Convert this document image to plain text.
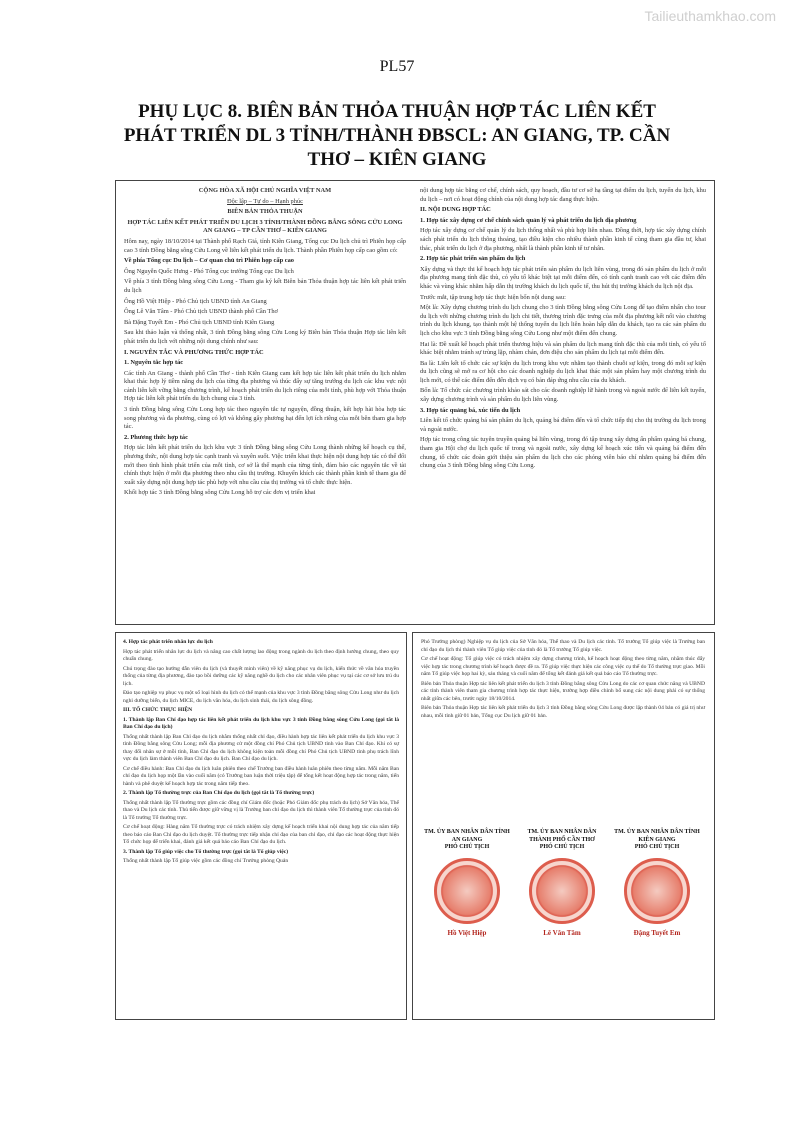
Tailieuthamkhao.com
PL57
PHỤ LỤC 8. BIÊN BẢN THỎA THUẬN HỢP TÁC LIÊN KẾT PHÁT TRIỂN DL 3 TỈNH/THÀNH ĐBSCL: AN GIANG, TP. CẦN THƠ – KIÊN GIANG

CỘNG HÒA XÃ HỘI CHỦ NGHĨA VIỆT NAM

Độc lập – Tự do – Hạnh phúc

BIÊN BẢN THỎA THUẬN

HỢP TÁC LIÊN KẾT PHÁT TRIỂN DU LỊCH 3 TỈNH/THÀNH ĐỒNG BẰNG SÔNG CỬU LONG AN GIANG – TP CẦN THƠ – KIÊN GIANG

Hôm nay, ngày 18/10/2014 tại Thành phố Rạch Giá, tỉnh Kiên Giang, Tổng cục Du lịch chủ trì Phiên họp cấp cao 3 tỉnh Đồng bằng sông Cửu Long về liên kết phát triển du lịch. Thành phần Phiên họp cấp cao gồm có:

Về phía Tổng cục Du lịch – Cơ quan chủ trì Phiên họp cấp cao

Ông Nguyễn Quốc Hưng - Phó Tổng cục trưởng Tổng cục Du lịch

Về phía 3 tỉnh Đồng bằng sông Cửu Long - Tham gia ký kết Biên bản Thỏa thuận hợp tác liên kết phát triển du lịch

Ông Hồ Việt Hiệp - Phó Chủ tịch UBND tỉnh An Giang

Ông Lê Văn Tâm - Phó Chủ tịch UBND thành phố Cần Thơ

Bà Đặng Tuyết Em - Phó Chủ tịch UBND tỉnh Kiên Giang

Sau khi thảo luận và thống nhất, 3 tỉnh Đồng bằng sông Cửu Long ký Biên bản Thỏa thuận Hợp tác liên kết phát triển du lịch với những nội dung chính như sau:

I. NGUYÊN TẮC VÀ PHƯƠNG THỨC HỢP TÁC

1. Nguyên tắc hợp tác

Các tỉnh An Giang - thành phố Cần Thơ - tỉnh Kiên Giang cam kết hợp tác liên kết phát triển du lịch nhằm khai thác hợp lý tiềm năng du lịch của từng địa phương và thúc đẩy sự tăng trưởng du lịch các khu vực nội cảnh liên kết vững bằng chương trình, kế hoạch phát triển du lịch riêng của mỗi tỉnh, phù hợp với Thỏa thuận Hợp tác liên kết phát triển du lịch chung của 3 tỉnh.

3 tỉnh Đồng bằng sông Cửu Long hợp tác theo nguyên tắc tự nguyện, đồng thuận, kết hợp hài hòa hợp tác song phương và đa phương, cùng có lợi và không gây phương hại đến lợi ích riêng của mỗi bên tham gia hợp tác.

2. Phương thức hợp tác

Hợp tác liên kết phát triển du lịch khu vực 3 tỉnh Đồng bằng sông Cửu Long thành những kế hoạch cụ thể, phương thức, nội dung hợp tác cạnh tranh và xuyên suốt. Việc triển khai thực hiện nội dung hợp tác có thể đổi mới theo tình hình phát triển của mỗi tỉnh, cơ sở là thế mạnh của từng tỉnh, đảm bảo các nguyên tắc về tài chính thực hiện ở mỗi địa phương theo nhu cầu thị trường. Khuyến khích các thành phần kinh tế tham gia để xuất xây dựng nội dung hợp tác phù hợp với nhu cầu của thị trường và tổ chức thực hiện.

Khối hợp tác 3 tỉnh Đồng bằng sông Cửu Long hỗ trợ các đơn vị triển khai

nội dung hợp tác bằng cơ chế, chính sách, quy hoạch, đầu tư cơ sở hạ tầng tại điểm du lịch, tuyến du lịch, khu du lịch – nơi có hoạt động chính của nội dung hợp tác đang thực hiện.

II. NỘI DUNG HỢP TÁC

1. Hợp tác xây dựng cơ chế chính sách quản lý và phát triển du lịch địa phương

Hợp tác xây dựng cơ chế quản lý du lịch thống nhất và phù hợp liên nhau. Đồng thời, hợp tác xây dựng chính sách phát triển du lịch thông thoáng, tạo điều kiện cho nhiều thành phần kinh tế cùng tham gia đầu tư, khai thác, phát triển du lịch ở địa phương, nhất là thành phần kinh tế tư nhân.

2. Hợp tác phát triển sản phẩm du lịch

Xây dựng và thực thi kế hoạch hợp tác phát triển sản phẩm du lịch liên vùng, trong đó sản phẩm du lịch ở mỗi địa phương mang tính đặc thù, có yếu tố khác biệt tại mỗi điểm đến, có tính cạnh tranh cao với các điểm đến khác và vùng khác nhằm hấp dẫn thị trường khách du lịch quốc tế, thu hút thị trường khách du lịch nội địa.

Trước mắt, tập trung hợp tác thực hiện bốn nội dung sau:

Một là: Xây dựng chương trình du lịch chung cho 3 tỉnh Đồng bằng sông Cửu Long để tạo điểm nhấn cho tour du lịch với những chương trình du lịch chi tiết, thương trình đặc trưng của mỗi địa phương kết nối vào chương trình du lịch khung, tạo thành một hệ thống tuyến du lịch liên hoàn hấp dẫn du khách, tạo ra các sản phẩm du lịch cho khu vực 3 tỉnh Đồng bằng sông Cửu Long như một điểm đến chung.

Hai là: Đề xuất kế hoạch phát triển thương hiệu và sản phẩm du lịch mang tính đặc thù của mỗi tỉnh, có yếu tố khác biệt nhằm tránh sự trùng lặp, nhàm chán, đơn điệu cho sản phẩm du lịch tại mỗi điểm đến.

Ba là: Liên kết tổ chức các sự kiện du lịch trong khu vực nhằm tạo thành chuỗi sự kiện, trong đó mỗi sự kiện du lịch cũng sẽ mở ra cơ hội cho các doanh nghiệp du lịch khai thác một sản phẩm hay một chương trình du lịch mới, có thể các điểm đến đến dịch vụ có bản đáp ứng nhu cầu của du khách.

Bốn là: Tổ chức các chương trình khảo sát cho các doanh nghiệp lữ hành trong và ngoài nước để liên kết tuyến, xây dựng chương trình và sản phẩm du lịch liên vùng.

3. Hợp tác quảng bá, xúc tiến du lịch

Liên kết tổ chức quảng bá sản phẩm du lịch, quảng bá điểm đến và tổ chức tiếp thị cho thị trường du lịch trong và ngoài nước.

Hợp tác trong công tác tuyên truyền quảng bá liên vùng, trong đó tập trung xây dựng ấn phẩm quảng bá chung, tham gia Hội chợ du lịch quốc tế trong và ngoài nước, xây dựng kế hoạch xúc tiến và quảng bá điểm đến chung, tổ chức các đoàn giới thiệu sản phẩm du lịch cho các phóng viên báo chí nhằm quảng bá điểm đến chung của 3 tỉnh Đồng bằng sông Cửu Long.

4. Hợp tác phát triển nhân lực du lịch

Hợp tác phát triển nhân lực du lịch và nâng cao chất lượng lao động trong ngành du lịch theo định hướng chung, theo quy chuẩn chung.

Chú trọng đào tạo hướng dẫn viên du lịch (và thuyết minh viên) về kỹ năng phục vụ du lịch, kiến thức về văn hóa truyền thống của từng địa phương, đào tạo bồi dưỡng các kỹ năng nghề du lịch cho các nhân viên phục vụ tại các cơ sở lưu trú du lịch.

Đào tạo nghiệp vụ phục vụ một số loại hình du lịch có thế mạnh của khu vực 3 tỉnh Đồng bằng sông Cửu Long như du lịch nghỉ dưỡng biển, du lịch MICE, du lịch văn hóa, du lịch sinh thái, du lịch sông đồng.

III. TỔ CHỨC THỰC HIỆN

1. Thành lập Ban Chỉ đạo hợp tác liên kết phát triển du lịch khu vực 3 tỉnh Đồng bằng sông Cửu Long (gọi tắt là Ban Chỉ đạo du lịch)

Thống nhất thành lập Ban Chỉ đạo du lịch nhằm thống nhất chỉ đạo, điều hành hợp tác liên kết phát triển du lịch khu vực 3 tỉnh Đồng bằng sông Cửu Long; mỗi địa phương cử một đồng chí Phó Chủ tịch UBND tỉnh vào Ban Chỉ đạo. Khi có sự thay đổi nhân sự ở mỗi tỉnh, Ban Chỉ đạo du lịch không kiện toàn mỗi đồng chí Phó Chủ tịch UBND tỉnh phụ trách lĩnh vực du lịch làm thành viên Ban Chỉ đạo du lịch. Ban Chỉ đạo du lịch.

Cơ chế điều hành: Ban Chỉ đạo du lịch luân phiên theo chế Trưởng ban điều hành luân phiên theo từng năm. Mỗi năm Ban chỉ đạo du lịch họp một lần vào cuối năm (có Trưởng ban luận thời triệu tập) để tổng kết hoạt động hợp tác trong năm, tiến hành và phê duyệt kế hoạch hợp tác trong năm tiếp theo.

2. Thành lập Tổ thường trực của Ban Chỉ đạo du lịch (gọi tắt là Tổ thường trực)

Thống nhất thành lập Tổ thường trực gồm các đồng chí Giám đốc (hoặc Phó Giám đốc phụ trách du lịch) Sở Văn hóa, Thể thao và Du lịch các tỉnh. Thủ tiến được giữ vững vị là Trưởng ban chỉ đạo du lịch thì thành viên Tổ thường trực của tỉnh đó là Tổ trưởng Tổ thường trực.

Cơ chế hoạt động: Hàng năm Tổ thường trực có trách nhiệm xây dựng kế hoạch triển khai nội dung hợp tác của năm tiếp theo báo cáo Ban Chỉ đạo du lịch duyệt. Tổ thường trực tiếp nhận chỉ đạo của ban chỉ đạo, chỉ đạo các hoạt động thực hiện Tổ chức họp để triển khai, đánh giá kết quả báo cáo Ban Chỉ đạo du lịch.

3. Thành lập Tổ giúp việc cho Tổ thường trực (gọi tắt là Tổ giúp việc)

Thống nhất thành lập Tổ giúp việc gồm các đồng chí Trưởng phòng Quản

Phó Trưởng phòng) Nghiệp vụ du lịch của Sở Văn hóa, Thể thao và Du lịch các tỉnh. Tổ trưởng Tổ giúp việc là Trưởng ban chỉ đạo du lịch thì thành viên Tổ giúp việc của tỉnh đó là Tổ trưởng Tổ giúp việc.

Cơ chế hoạt động: Tổ giúp việc có trách nhiệm xây dựng chương trình, kế hoạch hoạt động theo từng năm, nhằm thúc đẩy việc hợp tác trong chương trình kế hoạch được đề ra. Tổ giúp việc thực hiện các công việc cụ thể do Tổ thường trực giao. Mỗi năm Tổ giúp việc họp hai kỳ, sáu tháng và cuối năm để tổng kết đánh giá kết quả báo cáo Tổ thường trực.

Biên bản Thỏa thuận Hợp tác liên kết phát triển du lịch 3 tỉnh Đồng bằng sông Cửu Long do các cơ quan chức năng và UBND các tỉnh thành viên tham gia chương trình hợp tác thực hiện, trường hợp điều chỉnh bổ sung các nội dung phải có sự thống nhất giữa các bên, trước ngày 18/10/2014.

Biên bản Thỏa thuận Hợp tác liên kết phát triển du lịch 3 tỉnh Đồng bằng sông Cửu Long được lập thành 04 bản có giá trị như nhau, mỗi tỉnh giữ 01 bản, Tổng cục Du lịch giữ 01 bản.

TM. ỦY BAN NHÂN DÂN TỈNH AN GIANG
PHÓ CHỦ TỊCH
Hồ Việt Hiệp
TM. ỦY BAN NHÂN DÂN THÀNH PHỐ CẦN THƠ
PHÓ CHỦ TỊCH
Lê Văn Tâm
TM. ỦY BAN NHÂN DÂN TỈNH KIÊN GIANG
PHÓ CHỦ TỊCH
Đặng Tuyết Em
